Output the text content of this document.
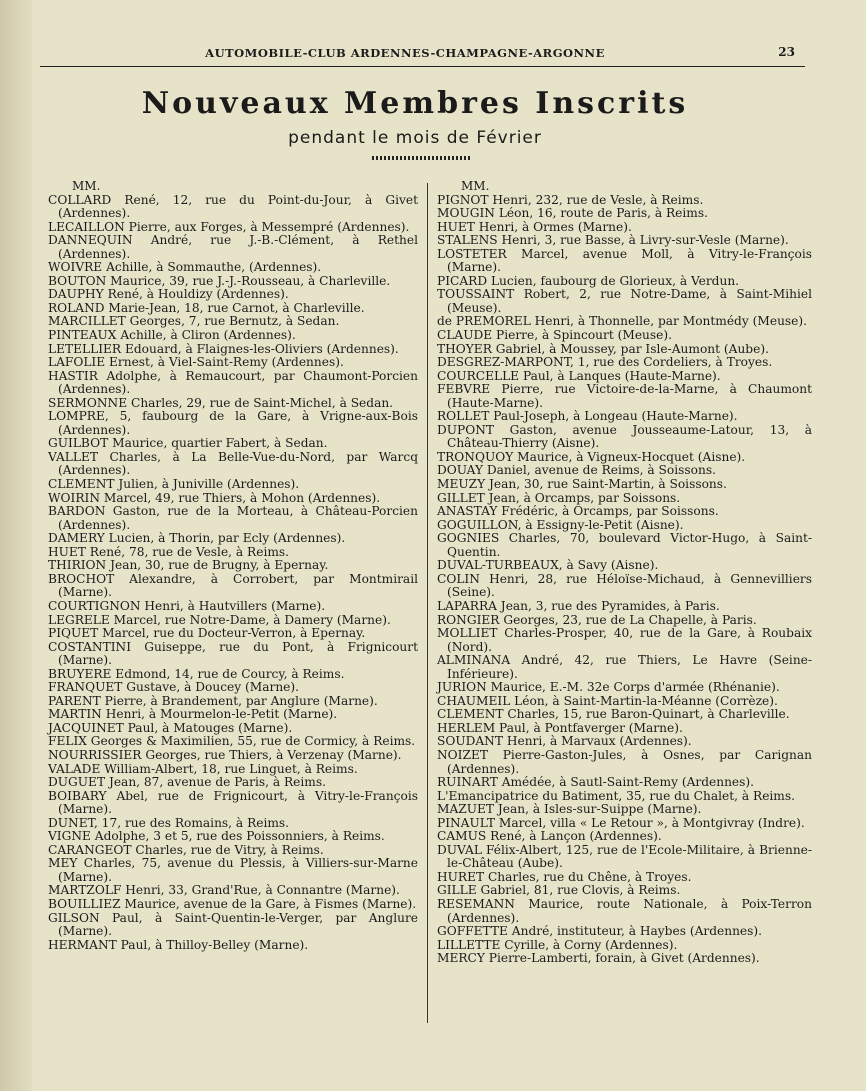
AUTOMOBILE-CLUB ARDENNES-CHAMPAGNE-ARGONNE	23
Nouveaux Membres Inscrits
pendant le mois de Février
MM.
COLLARD René, 12, rue du Point-du-Jour, à Givet (Ardennes).
LECAILLON Pierre, aux Forges, à Messempré (Ardennes).
DANNEQUIN André, rue J.-B.-Clément, à Rethel (Ardennes).
WOIVRE Achille, à Sommauthe, (Ardennes).
BOUTON Maurice, 39, rue J.-J.-Rousseau, à Charleville.
DAUPHY René, à Houldizy (Ardennes).
ROLAND Marie-Jean, 18, rue Carnot, à Charleville.
MARCILLET Georges, 7, rue Bernutz, à Sedan.
PINTEAUX Achille, à Cliron (Ardennes).
LETELLIER Edouard, à Flaignes-les-Oliviers (Ardennes).
LAFOLIE Ernest, à Viel-Saint-Remy (Ardennes).
HASTIR Adolphe, à Remaucourt, par Chaumont-Porcien (Ardennes).
SERMONNE Charles, 29, rue de Saint-Michel, à Sedan.
LOMPRE, 5, faubourg de la Gare, à Vrigne-aux-Bois (Ardennes).
GUILBOT Maurice, quartier Fabert, à Sedan.
VALLET Charles, à La Belle-Vue-du-Nord, par Warcq (Ardennes).
CLEMENT Julien, à Juniville (Ardennes).
WOIRIN Marcel, 49, rue Thiers, à Mohon (Ardennes).
BARDON Gaston, rue de la Morteau, à Château-Porcien (Ardennes).
DAMERY Lucien, à Thorin, par Ecly (Ardennes).
HUET René, 78, rue de Vesle, à Reims.
THIRION Jean, 30, rue de Brugny, à Epernay.
BROCHOT Alexandre, à Corrobert, par Montmirail (Marne).
COURTIGNON Henri, à Hautvillers (Marne).
LEGRELE Marcel, rue Notre-Dame, à Damery (Marne).
PIQUET Marcel, rue du Docteur-Verron, à Epernay.
COSTANTINI Guiseppe, rue du Pont, à Frignicourt (Marne).
BRUYERE Edmond, 14, rue de Courcy, à Reims.
FRANQUET Gustave, à Doucey (Marne).
PARENT Pierre, à Brandement, par Anglure (Marne).
MARTIN Henri, à Mourmelon-le-Petit (Marne).
JACQUINET Paul, à Matouges (Marne).
FELIX Georges & Maximilien, 55, rue de Cormicy, à Reims.
NOURRISSIER Georges, rue Thiers, à Verzenay (Marne).
VALADE William-Albert, 18, rue Linguet, à Reims.
DUGUET Jean, 87, avenue de Paris, à Reims.
BOIBARY Abel, rue de Frignicourt, à Vitry-le-François (Marne).
DUNET, 17, rue des Romains, à Reims.
VIGNE Adolphe, 3 et 5, rue des Poissonniers, à Reims.
CARANGEOT Charles, rue de Vitry, à Reims.
MEY Charles, 75, avenue du Plessis, à Villiers-sur-Marne (Marne).
MARTZOLF Henri, 33, Grand'Rue, à Connantre (Marne).
BOUILLIEZ Maurice, avenue de la Gare, à Fismes (Marne).
GILSON Paul, à Saint-Quentin-le-Verger, par Anglure (Marne).
HERMANT Paul, à Thilloy-Belley (Marne).
MM.
PIGNOT Henri, 232, rue de Vesle, à Reims.
MOUGIN Léon, 16, route de Paris, à Reims.
HUET Henri, à Ormes (Marne).
STALENS Henri, 3, rue Basse, à Livry-sur-Vesle (Marne).
LOSTETER Marcel, avenue Moll, à Vitry-le-François (Marne).
PICARD Lucien, faubourg de Glorieux, à Verdun.
TOUSSAINT Robert, 2, rue Notre-Dame, à Saint-Mihiel (Meuse).
de PREMOREL Henri, à Thonnelle, par Montmédy (Meuse).
CLAUDE Pierre, à Spincourt (Meuse).
THOYER Gabriel, à Moussey, par Isle-Aumont (Aube).
DESGREZ-MARPONT, 1, rue des Cordeliers, à Troyes.
COURCELLE Paul, à Lanques (Haute-Marne).
FEBVRE Pierre, rue Victoire-de-la-Marne, à Chaumont (Haute-Marne).
ROLLET Paul-Joseph, à Longeau (Haute-Marne).
DUPONT Gaston, avenue Jousseaume-Latour, 13, à Château-Thierry (Aisne).
TRONQUOY Maurice, à Vigneux-Hocquet (Aisne).
DOUAY Daniel, avenue de Reims, à Soissons.
MEUZY Jean, 30, rue Saint-Martin, à Soissons.
GILLET Jean, à Orcamps, par Soissons.
ANASTAY Frédéric, à Orcamps, par Soissons.
GOGUILLON, à Essigny-le-Petit (Aisne).
GOGNIES Charles, 70, boulevard Victor-Hugo, à Saint-Quentin.
DUVAL-TURBEAUX, à Savy (Aisne).
COLIN Henri, 28, rue Héloïse-Michaud, à Gennevilliers (Seine).
LAPARRA Jean, 3, rue des Pyramides, à Paris.
RONGIER Georges, 23, rue de La Chapelle, à Paris.
MOLLIET Charles-Prosper, 40, rue de la Gare, à Roubaix (Nord).
ALMINANA André, 42, rue Thiers, Le Havre (Seine-Inférieure).
JURION Maurice, E.-M. 32e Corps d'armée (Rhénanie).
CHAUMEIL Léon, à Saint-Martin-la-Méanne (Corrèze).
CLEMENT Charles, 15, rue Baron-Quinart, à Charleville.
HERLEM Paul, à Pontfaverger (Marne).
SOUDANT Henri, à Marvaux (Ardennes).
NOIZET Pierre-Gaston-Jules, à Osnes, par Carignan (Ardennes).
RUINART Amédée, à Sautl-Saint-Remy (Ardennes).
L'Emancipatrice du Batiment, 35, rue du Chalet, à Reims.
MAZUET Jean, à Isles-sur-Suippe (Marne).
PINAULT Marcel, villa « Le Retour », à Montgivray (Indre).
CAMUS René, à Lançon (Ardennes).
DUVAL Félix-Albert, 125, rue de l'Ecole-Militaire, à Brienne-le-Château (Aube).
HURET Charles, rue du Chêne, à Troyes.
GILLE Gabriel, 81, rue Clovis, à Reims.
RESEMANN Maurice, route Nationale, à Poix-Terron (Ardennes).
GOFFETTE André, instituteur, à Haybes (Ardennes).
LILLETTE Cyrille, à Corny (Ardennes).
MERCY Pierre-Lamberti, forain, à Givet (Ardennes).
